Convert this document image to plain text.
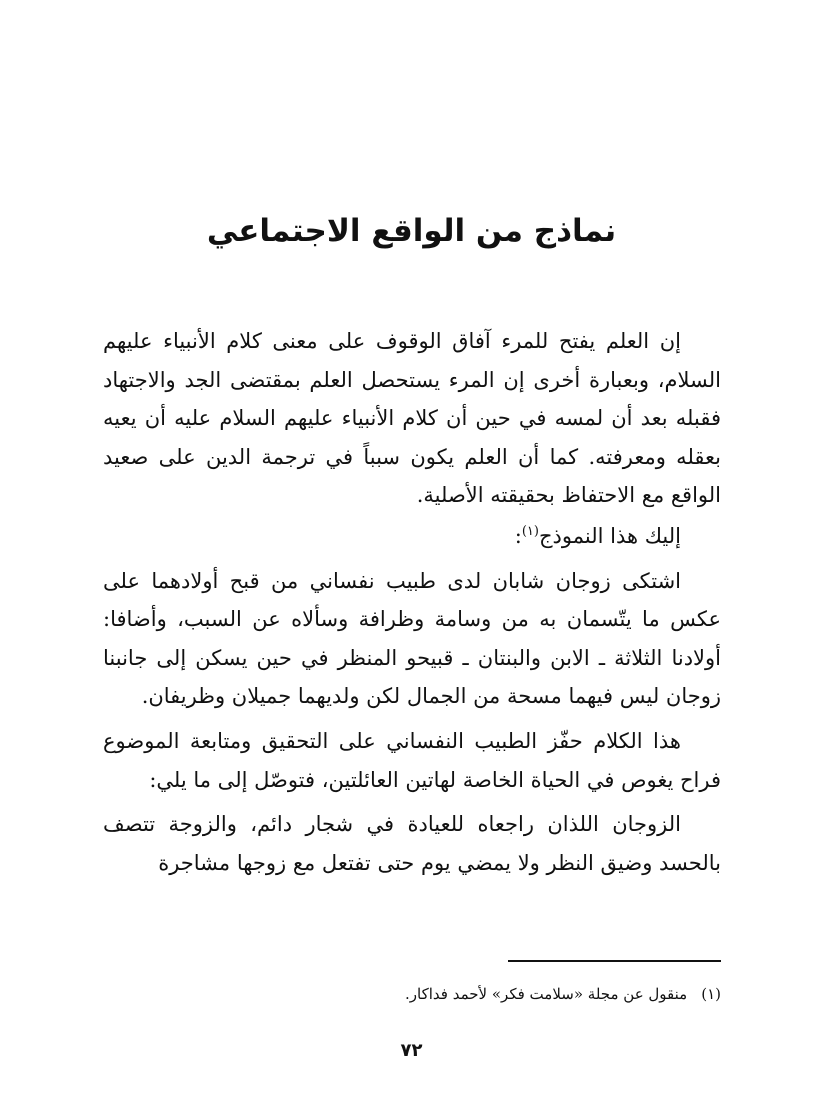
نماذج من الواقع الاجتماعي

إن العلم يفتح للمرء آفاق الوقوف على معنى كلام الأنبياء عليهم السلام، وبعبارة أخرى إن المرء يستحصل العلم بمقتضى الجد والاجتهاد فقبله بعد أن لمسه في حين أن كلام الأنبياء عليهم السلام عليه أن يعيه بعقله ومعرفته. كما أن العلم يكون سبباً في ترجمة الدين على صعيد الواقع مع الاحتفاظ بحقيقته الأصلية.

إليك هذا النموذج$^{(١)}$:

اشتكى زوجان شابان لدى طبيب نفساني من قبح أولادهما على عكس ما يتّسمان به من وسامة وظرافة وسألاه عن السبب، وأضافا: أولادنا الثلاثة ـ الابن والبنتان ـ قبيحو المنظر في حين يسكن إلى جانبنا زوجان ليس فيهما مسحة من الجمال لكن ولديهما جميلان وظريفان.

هذا الكلام حفّز الطبيب النفساني على التحقيق ومتابعة الموضوع فراح يغوص في الحياة الخاصة لهاتين العائلتين، فتوصّل إلى ما يلي:

الزوجان اللذان راجعاه للعيادة في شجار دائم، والزوجة تتصف بالحسد وضيق النظر ولا يمضي يوم حتى تفتعل مع زوجها مشاجرة

(١)منقول عن مجلة «سلامت فكر» لأحمد فداكار.
٧٢
